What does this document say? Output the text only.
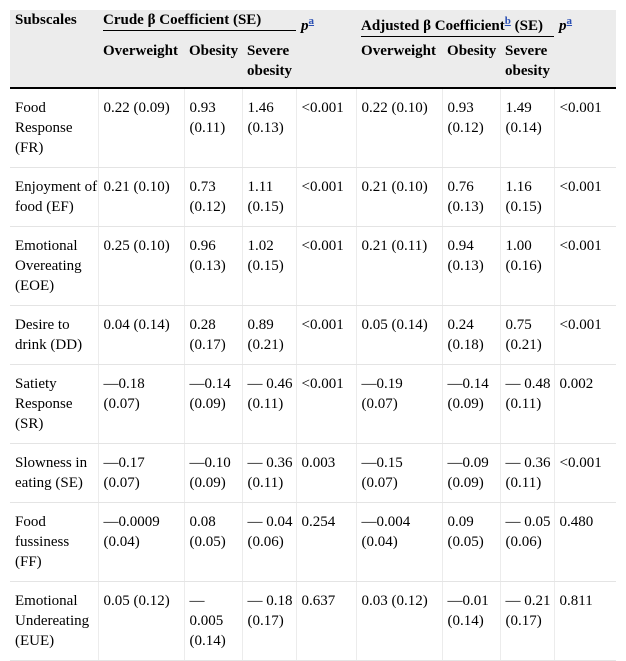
Subscales	Crude β Coefficient (SE)			$p^a$	Adjusted β Coefficient$^b$ (SE)			$p^a$
	Overweight	Obesity	Severe obesity		Overweight	Obesity	Severe obesity	
Food Response (FR)	0.22 (0.09)	0.93 (0.11)	1.46 (0.13)	<0.001	0.22 (0.10)	0.93 (0.12)	1.49 (0.14)	<0.001
Enjoyment of food (EF)	0.21 (0.10)	0.73 (0.12)	1.11 (0.15)	<0.001	0.21 (0.10)	0.76 (0.13)	1.16 (0.15)	<0.001
Emotional Overeating (EOE)	0.25 (0.10)	0.96 (0.13)	1.02 (0.15)	<0.001	0.21 (0.11)	0.94 (0.13)	1.00 (0.16)	<0.001
Desire to drink (DD)	0.04 (0.14)	0.28 (0.17)	0.89 (0.21)	<0.001	0.05 (0.14)	0.24 (0.18)	0.75 (0.21)	<0.001
Satiety Response (SR)	—0.18 (0.07)	—0.14 (0.09)	— 0.46 (0.11)	<0.001	—0.19 (0.07)	—0.14 (0.09)	— 0.48 (0.11)	0.002
Slowness in eating (SE)	—0.17 (0.07)	—0.10 (0.09)	— 0.36 (0.11)	0.003	—0.15 (0.07)	—0.09 (0.09)	— 0.36 (0.11)	<0.001
Food fussiness (FF)	—0.0009 (0.04)	0.08 (0.05)	— 0.04 (0.06)	0.254	—0.004 (0.04)	0.09 (0.05)	— 0.05 (0.06)	0.480
Emotional Undereating (EUE)	0.05 (0.12)	— 0.005 (0.14)	— 0.18 (0.17)	0.637	0.03 (0.12)	—0.01 (0.14)	— 0.21 (0.17)	0.811
